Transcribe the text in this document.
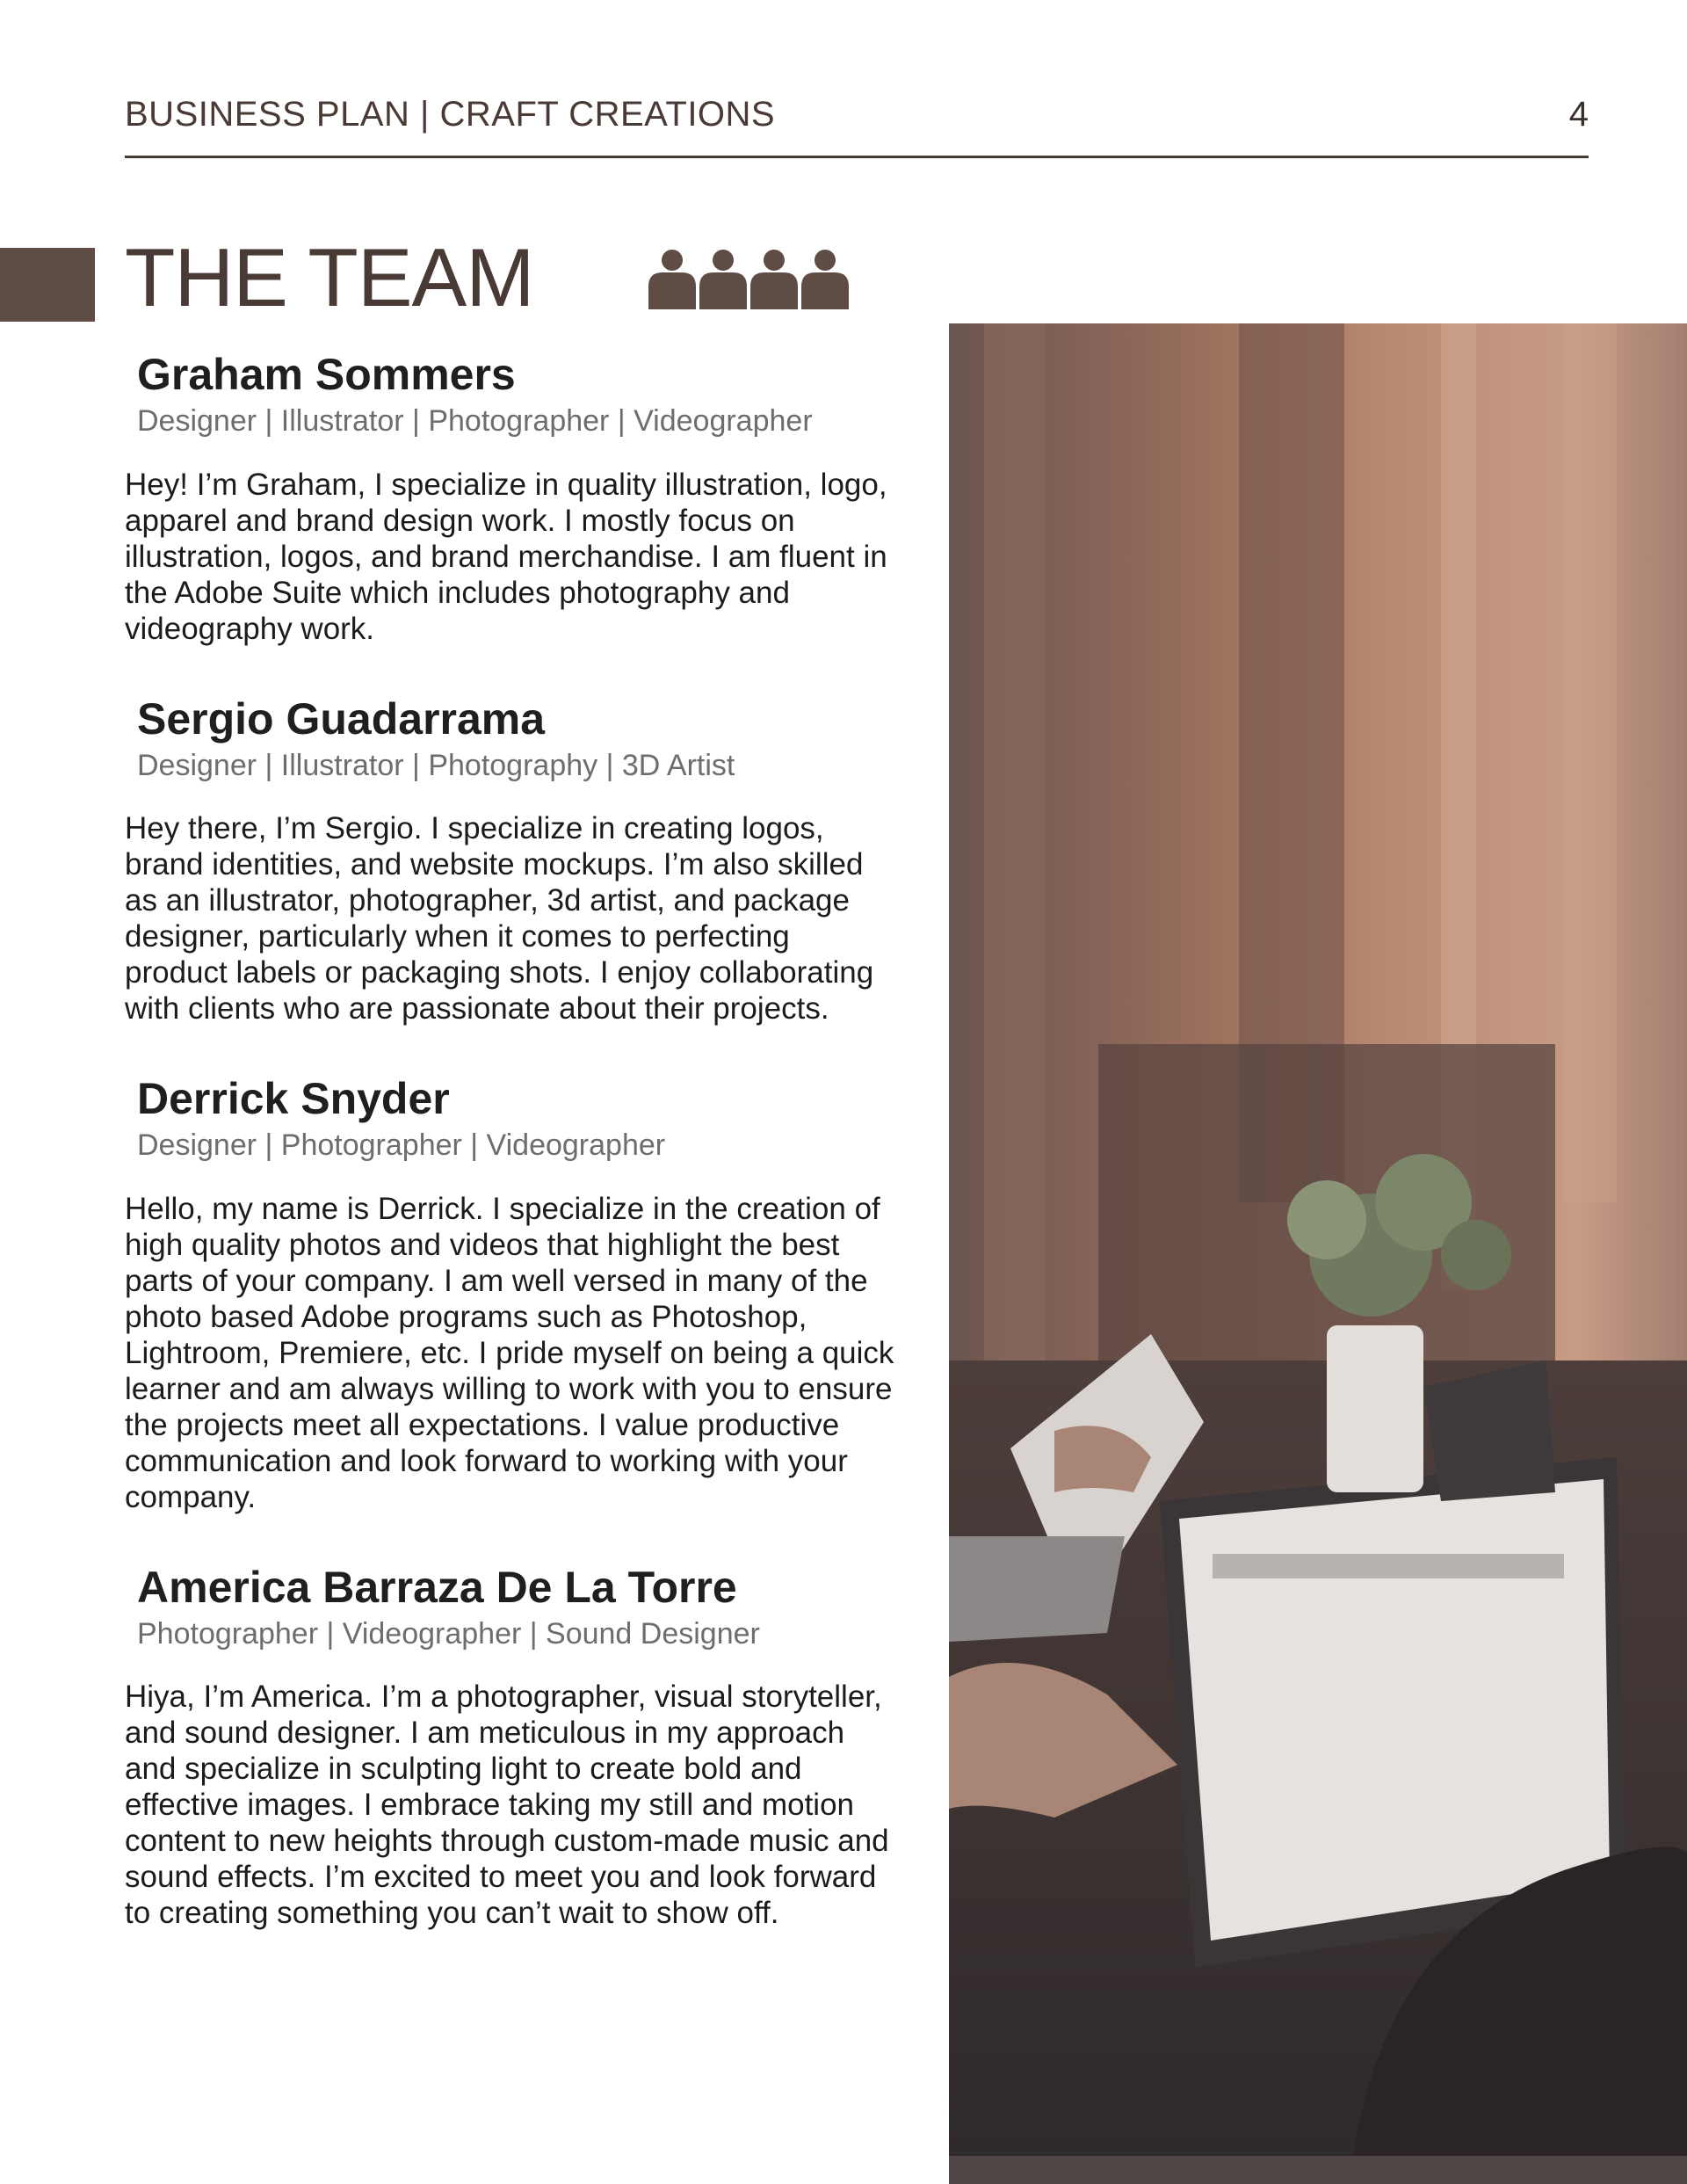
BUSINESS PLAN | CRAFT CREATIONS	4
THE TEAM
Graham Sommers
Designer | Illustrator | Photographer | Videographer

Hey! I’m Graham, I specialize in quality illustration, logo, apparel and brand design work. I mostly focus on illustration, logos, and brand merchandise. I am fluent in the Adobe Suite which includes photography and videography work.

Sergio Guadarrama
Designer | Illustrator | Photography | 3D Artist

Hey there, I’m Sergio. I specialize in creating logos, brand identities, and website mockups. I’m also skilled as an illustrator, photographer, 3d artist, and package designer, particularly when it comes to perfecting product labels or packaging shots. I enjoy collaborating with clients who are passionate about their projects.

Derrick Snyder
Designer | Photographer | Videographer

Hello, my name is Derrick. I specialize in the creation of high quality photos and videos that highlight the best parts of your company. I am well versed in many of the photo based Adobe programs such as Photoshop, Lightroom, Premiere, etc. I pride myself on being a quick learner and am always willing to work with you to ensure the projects meet all expectations. I value productive communication and look forward to working with your company.

America Barraza De La Torre
Photographer | Videographer | Sound Designer

Hiya, I’m America. I’m a photographer, visual storyteller, and sound designer. I am meticulous in my approach and specialize in sculpting light to create bold and effective images. I embrace taking my still and motion content to new heights through custom-made music and sound effects. I’m excited to meet you and look forward to creating something you can’t wait to show off.
